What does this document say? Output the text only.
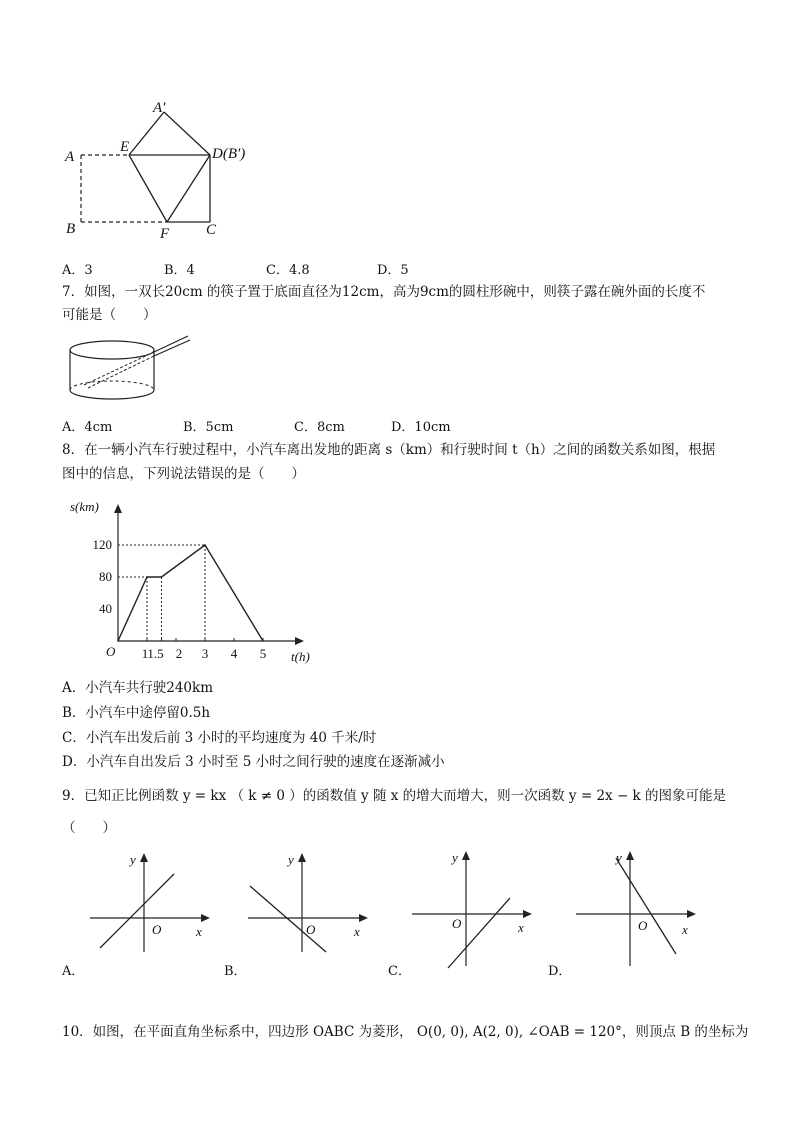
A′
A
E	D(B′)
B	F C
A．3	B．4	C．4.8	D．5
7．如图，一双长20cm 的筷子置于底面直径为12cm，高为9cm的圆柱形碗中，则筷子露在碗外面的长度不
可能是（　　）
A．4cm	B．5cm	C．8cm	D．10cm
8．在一辆小汽车行驶过程中，小汽车离出发地的距离 s（km）和行驶时间 t（h）之间的函数关系如图，根据
图中的信息，下列说法错误的是（　　）
s(km)
t(h)
O
40
80
120
1 1.5 2 3 4 5
A．小汽车共行驶240km
B．小汽车中途停留0.5h
C．小汽车出发后前 3 小时的平均速度为 40 千米/时
D．小汽车自出发后 3 小时至 5 小时之间行驶的速度在逐渐减小
9．已知正比例函数 y = kx （ k ≠ 0 ）的函数值 y 随 x 的增大而增大，则一次函数 y = 2x − k 的图象可能是
（　　）
y
O	x
A．
y
O	x
B．
y
O	x
C．
y
O	x
D．
10．如图，在平面直角坐标系中，四边形 OABC 为菱形， O(0, 0), A(2, 0), ∠OAB = 120°，则顶点 B 的坐标为
